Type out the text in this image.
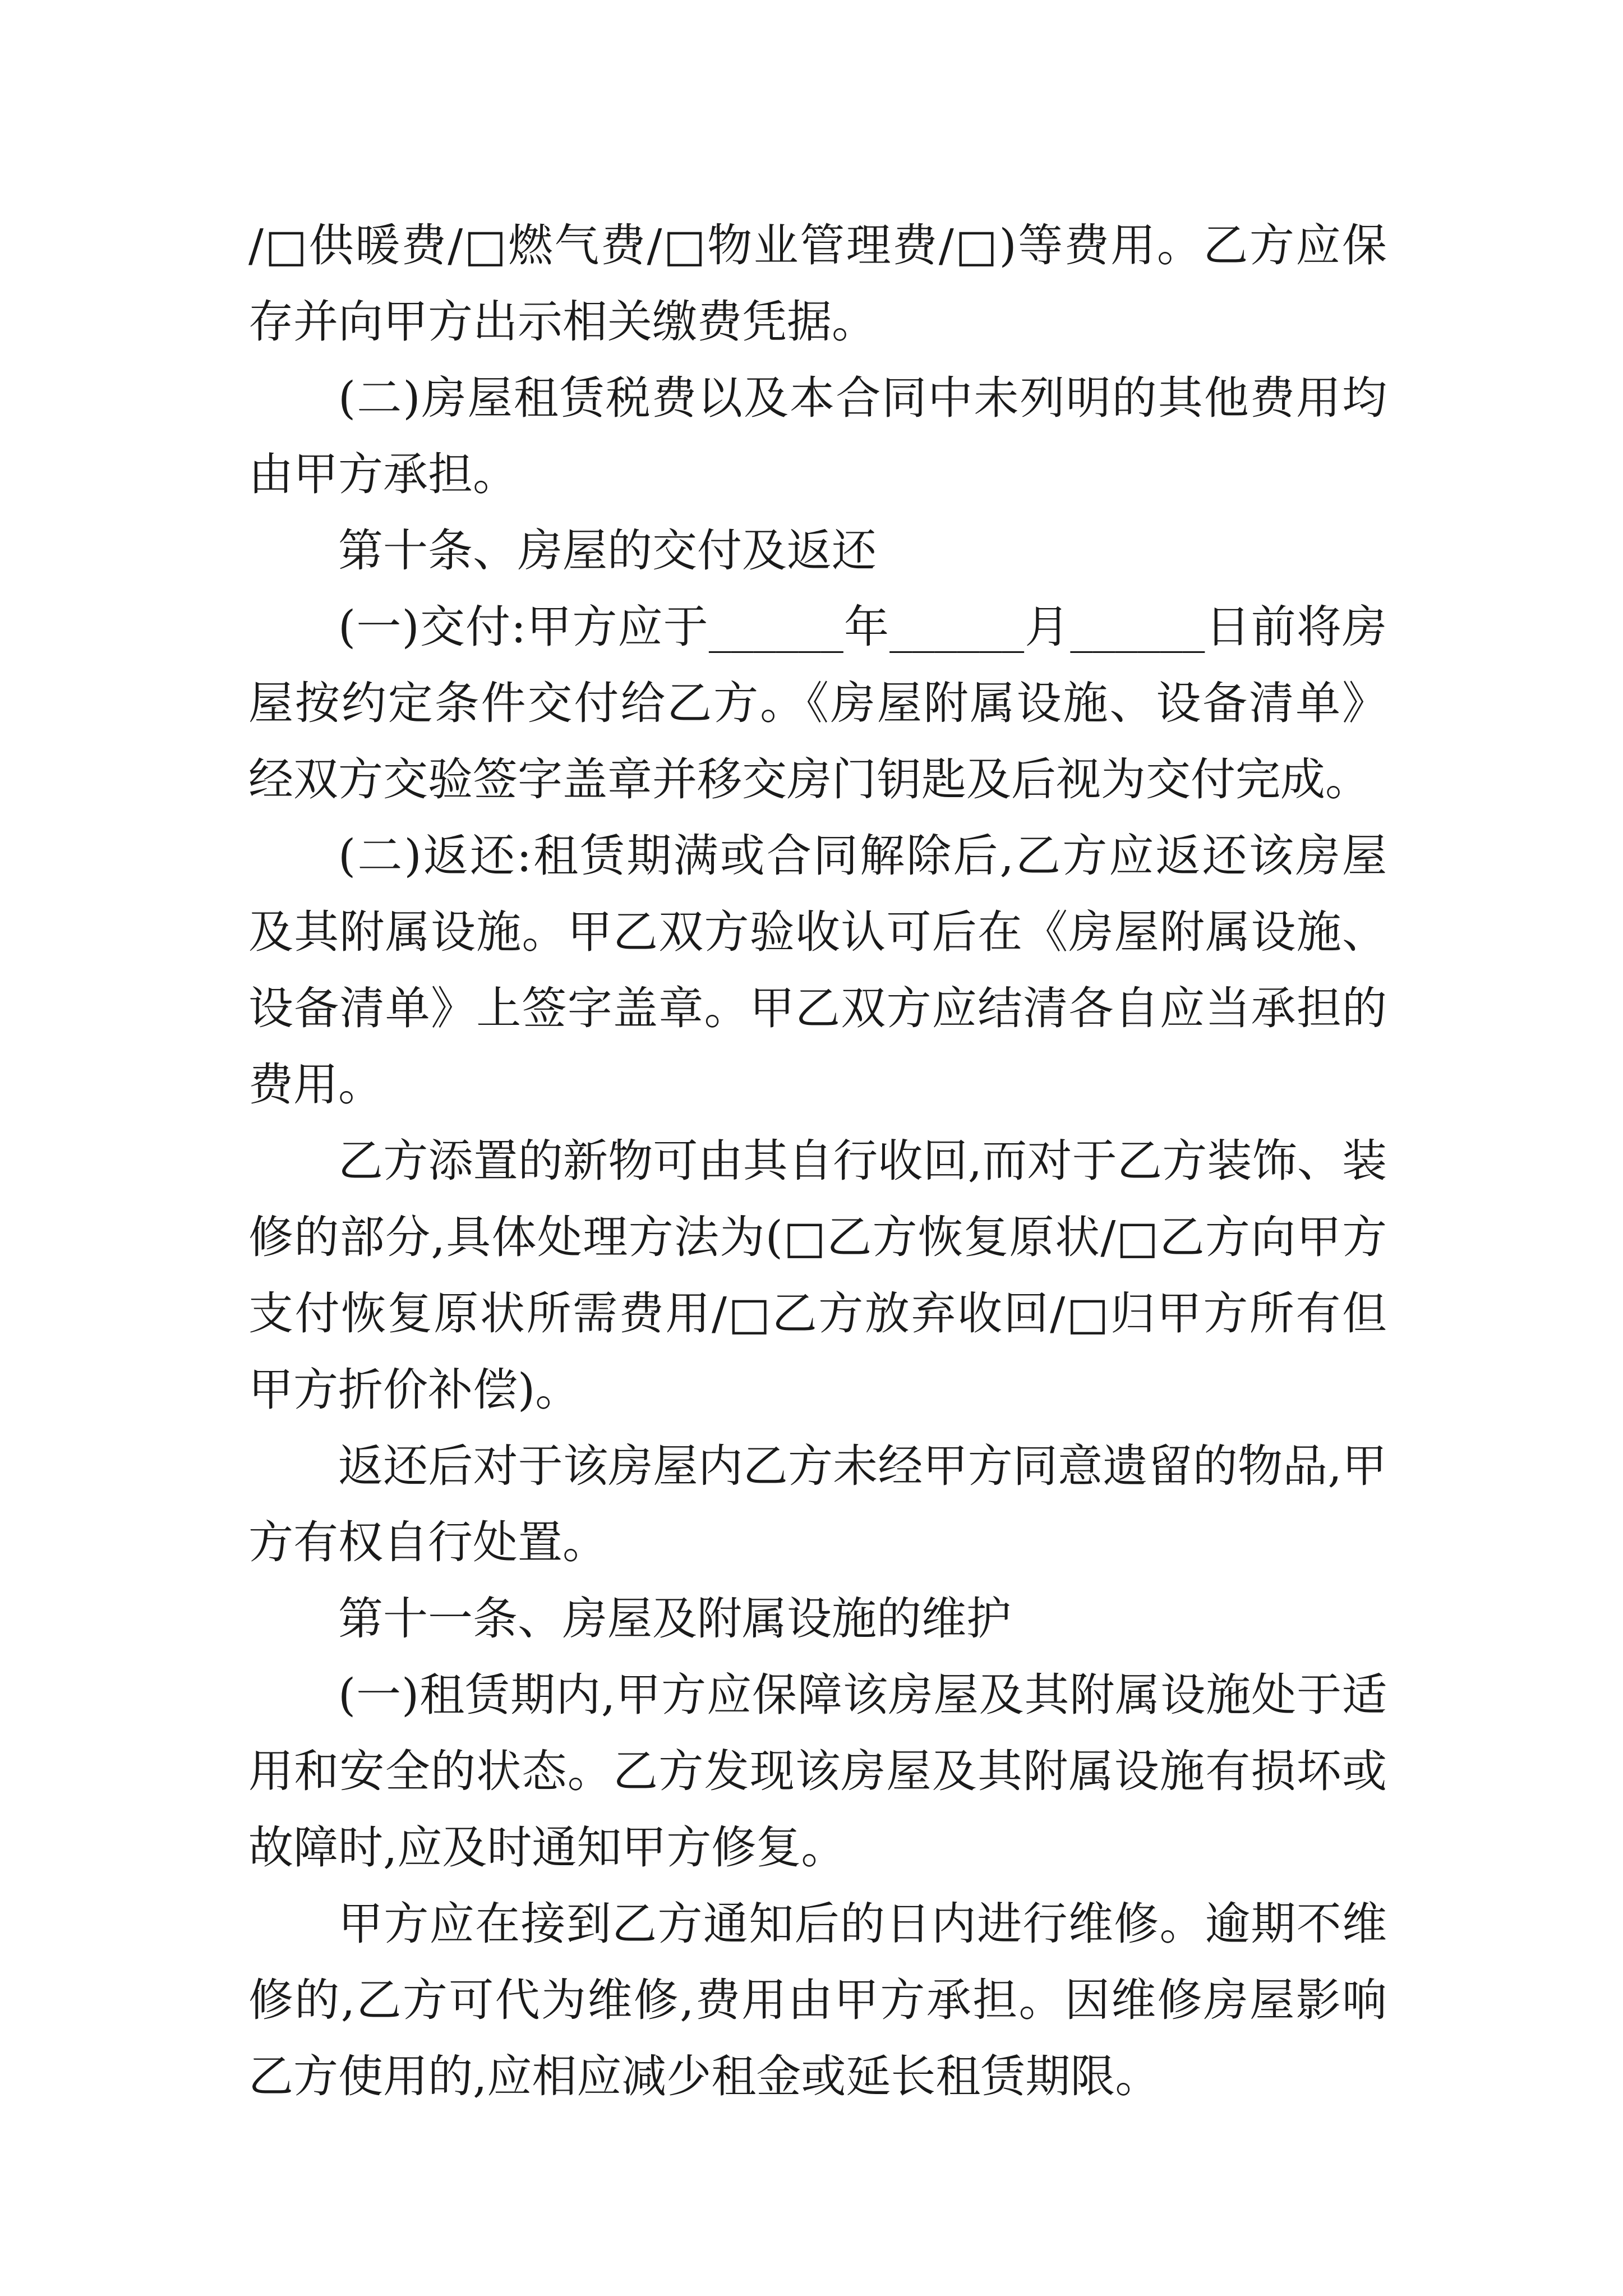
/□供暖费/□燃气费/□物业管理费/□)等费用。乙方应保存并向甲方出示相关缴费凭据。

(二)房屋租赁税费以及本合同中未列明的其他费用均由甲方承担。

第十条、房屋的交付及返还

(一)交付:甲方应于______年______月______日前将房屋按约定条件交付给乙方。《房屋附属设施、设备清单》经双方交验签字盖章并移交房门钥匙及后视为交付完成。

(二)返还:租赁期满或合同解除后,乙方应返还该房屋及其附属设施。甲乙双方验收认可后在《房屋附属设施、设备清单》上签字盖章。甲乙双方应结清各自应当承担的费用。

乙方添置的新物可由其自行收回,而对于乙方装饰、装修的部分,具体处理方法为(□乙方恢复原状/□乙方向甲方支付恢复原状所需费用/□乙方放弃收回/□归甲方所有但甲方折价补偿)。

返还后对于该房屋内乙方未经甲方同意遗留的物品,甲方有权自行处置。

第十一条、房屋及附属设施的维护

(一)租赁期内,甲方应保障该房屋及其附属设施处于适用和安全的状态。乙方发现该房屋及其附属设施有损坏或故障时,应及时通知甲方修复。

甲方应在接到乙方通知后的日内进行维修。逾期不维修的,乙方可代为维修,费用由甲方承担。因维修房屋影响乙方使用的,应相应减少租金或延长租赁期限。
